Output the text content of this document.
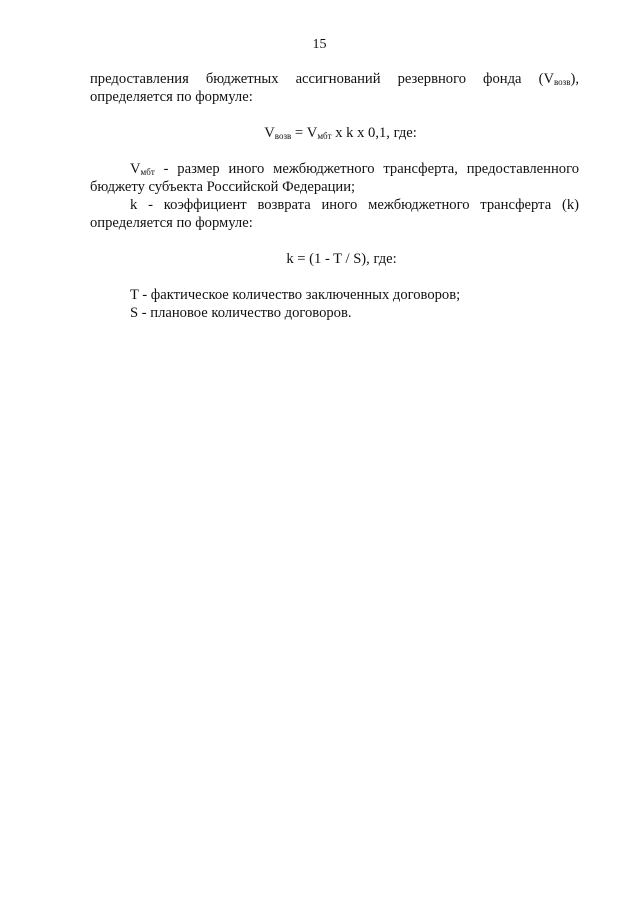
15

предоставления бюджетных ассигнований резервного фонда $(V_{возв})$,

определяется по формуле:

$V_{возв} = V_{мбт}$ x k x 0,1, где:

$V_{мбт}$ - размер иного межбюджетного трансферта, предоставленного бюджету субъекта Российской Федерации;

k - коэффициент возврата иного межбюджетного трансферта (k) определяется по формуле:

k = (1 - T / S), где:

T - фактическое количество заключенных договоров;

S - плановое количество договоров.
